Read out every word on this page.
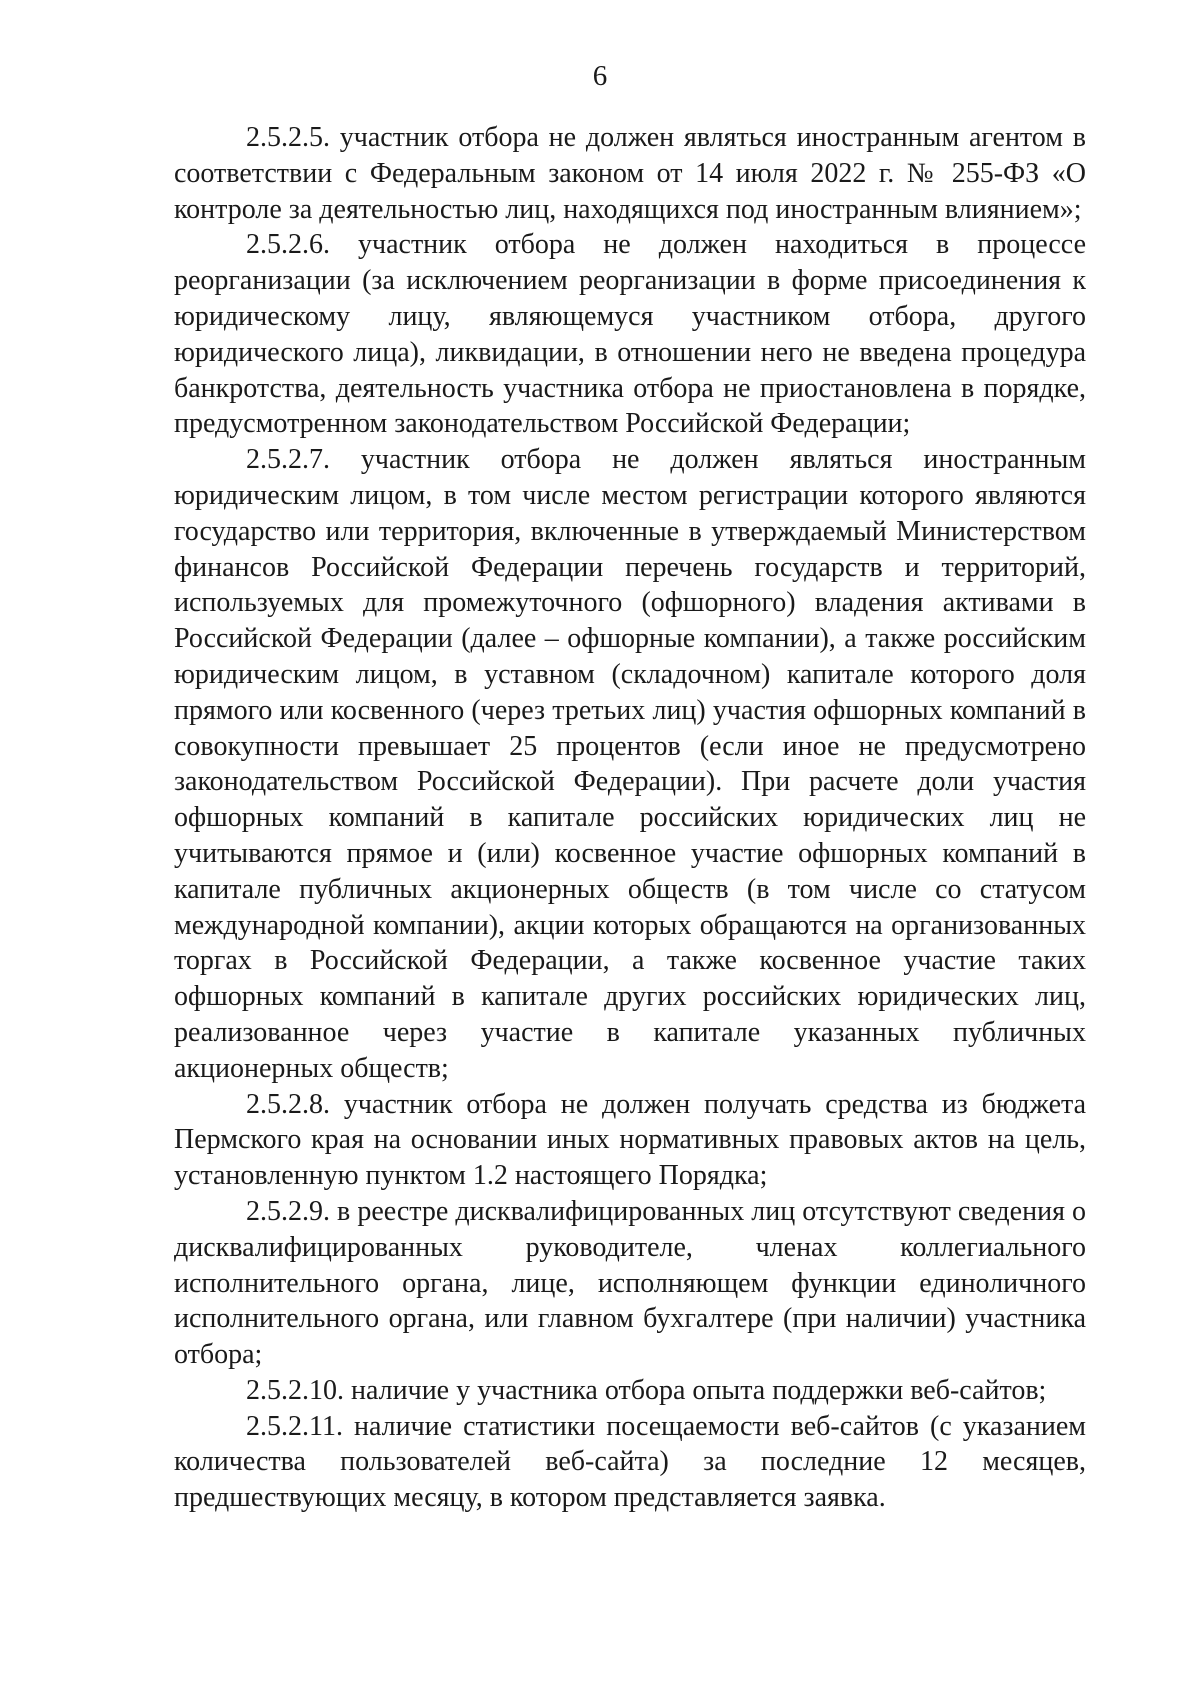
6

2.5.2.5. участник отбора не должен являться иностранным агентом в соответствии с Федеральным законом от 14 июля 2022 г. № 255-ФЗ «О контроле за деятельностью лиц, находящихся под иностранным влиянием»;

2.5.2.6. участник отбора не должен находиться в процессе реорганизации (за исключением реорганизации в форме присоединения к юридическому лицу, являющемуся участником отбора, другого юридического лица), ликвидации, в отношении него не введена процедура банкротства, деятельность участника отбора не приостановлена в порядке, предусмотренном законодательством Российской Федерации;

2.5.2.7. участник отбора не должен являться иностранным юридическим лицом, в том числе местом регистрации которого являются государство или территория, включенные в утверждаемый Министерством финансов Российской Федерации перечень государств и территорий, используемых для промежуточного (офшорного) владения активами в Российской Федерации (далее – офшорные компании), а также российским юридическим лицом, в уставном (складочном) капитале которого доля прямого или косвенного (через третьих лиц) участия офшорных компаний в совокупности превышает 25 процентов (если иное не предусмотрено законодательством Российской Федерации). При расчете доли участия офшорных компаний в капитале российских юридических лиц не учитываются прямое и (или) косвенное участие офшорных компаний в капитале публичных акционерных обществ (в том числе со статусом международной компании), акции которых обращаются на организованных торгах в Российской Федерации, а также косвенное участие таких офшорных компаний в капитале других российских юридических лиц, реализованное через участие в капитале указанных публичных акционерных обществ;

2.5.2.8. участник отбора не должен получать средства из бюджета Пермского края на основании иных нормативных правовых актов на цель, установленную пунктом 1.2 настоящего Порядка;

2.5.2.9. в реестре дисквалифицированных лиц отсутствуют сведения о дисквалифицированных руководителе, членах коллегиального исполнительного органа, лице, исполняющем функции единоличного исполнительного органа, или главном бухгалтере (при наличии) участника отбора;

2.5.2.10. наличие у участника отбора опыта поддержки веб-сайтов;

2.5.2.11. наличие статистики посещаемости веб-сайтов (с указанием количества пользователей веб-сайта) за последние 12 месяцев, предшествующих месяцу, в котором представляется заявка.
